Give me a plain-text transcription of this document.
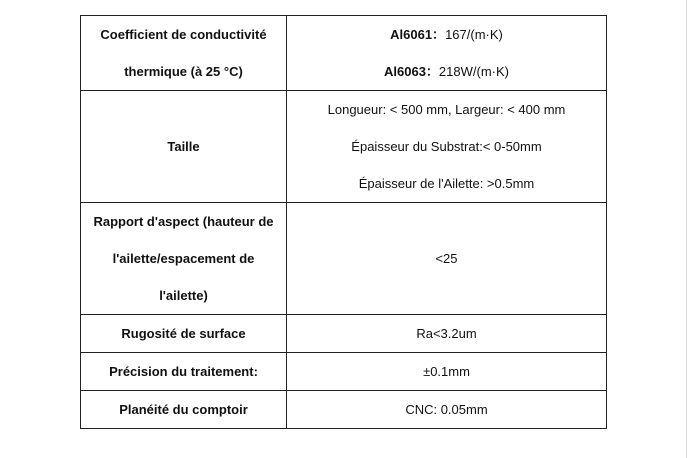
Coefficient de conductivité
thermique (à 25 °C)	Al6061：167/(m·K)
Al6063：218W/(m·K)

Taille	Longueur: < 500 mm, Largeur: < 400 mm
Épaisseur du Substrat:< 0-50mm
Épaisseur de l'Ailette: >0.5mm

Rapport d'aspect (hauteur de
l'ailette/espacement de
l'ailette)	<25

Rugosité de surface	Ra<3.2um

Précision du traitement:	±0.1mm

Planéité du comptoir	CNC: 0.05mm
